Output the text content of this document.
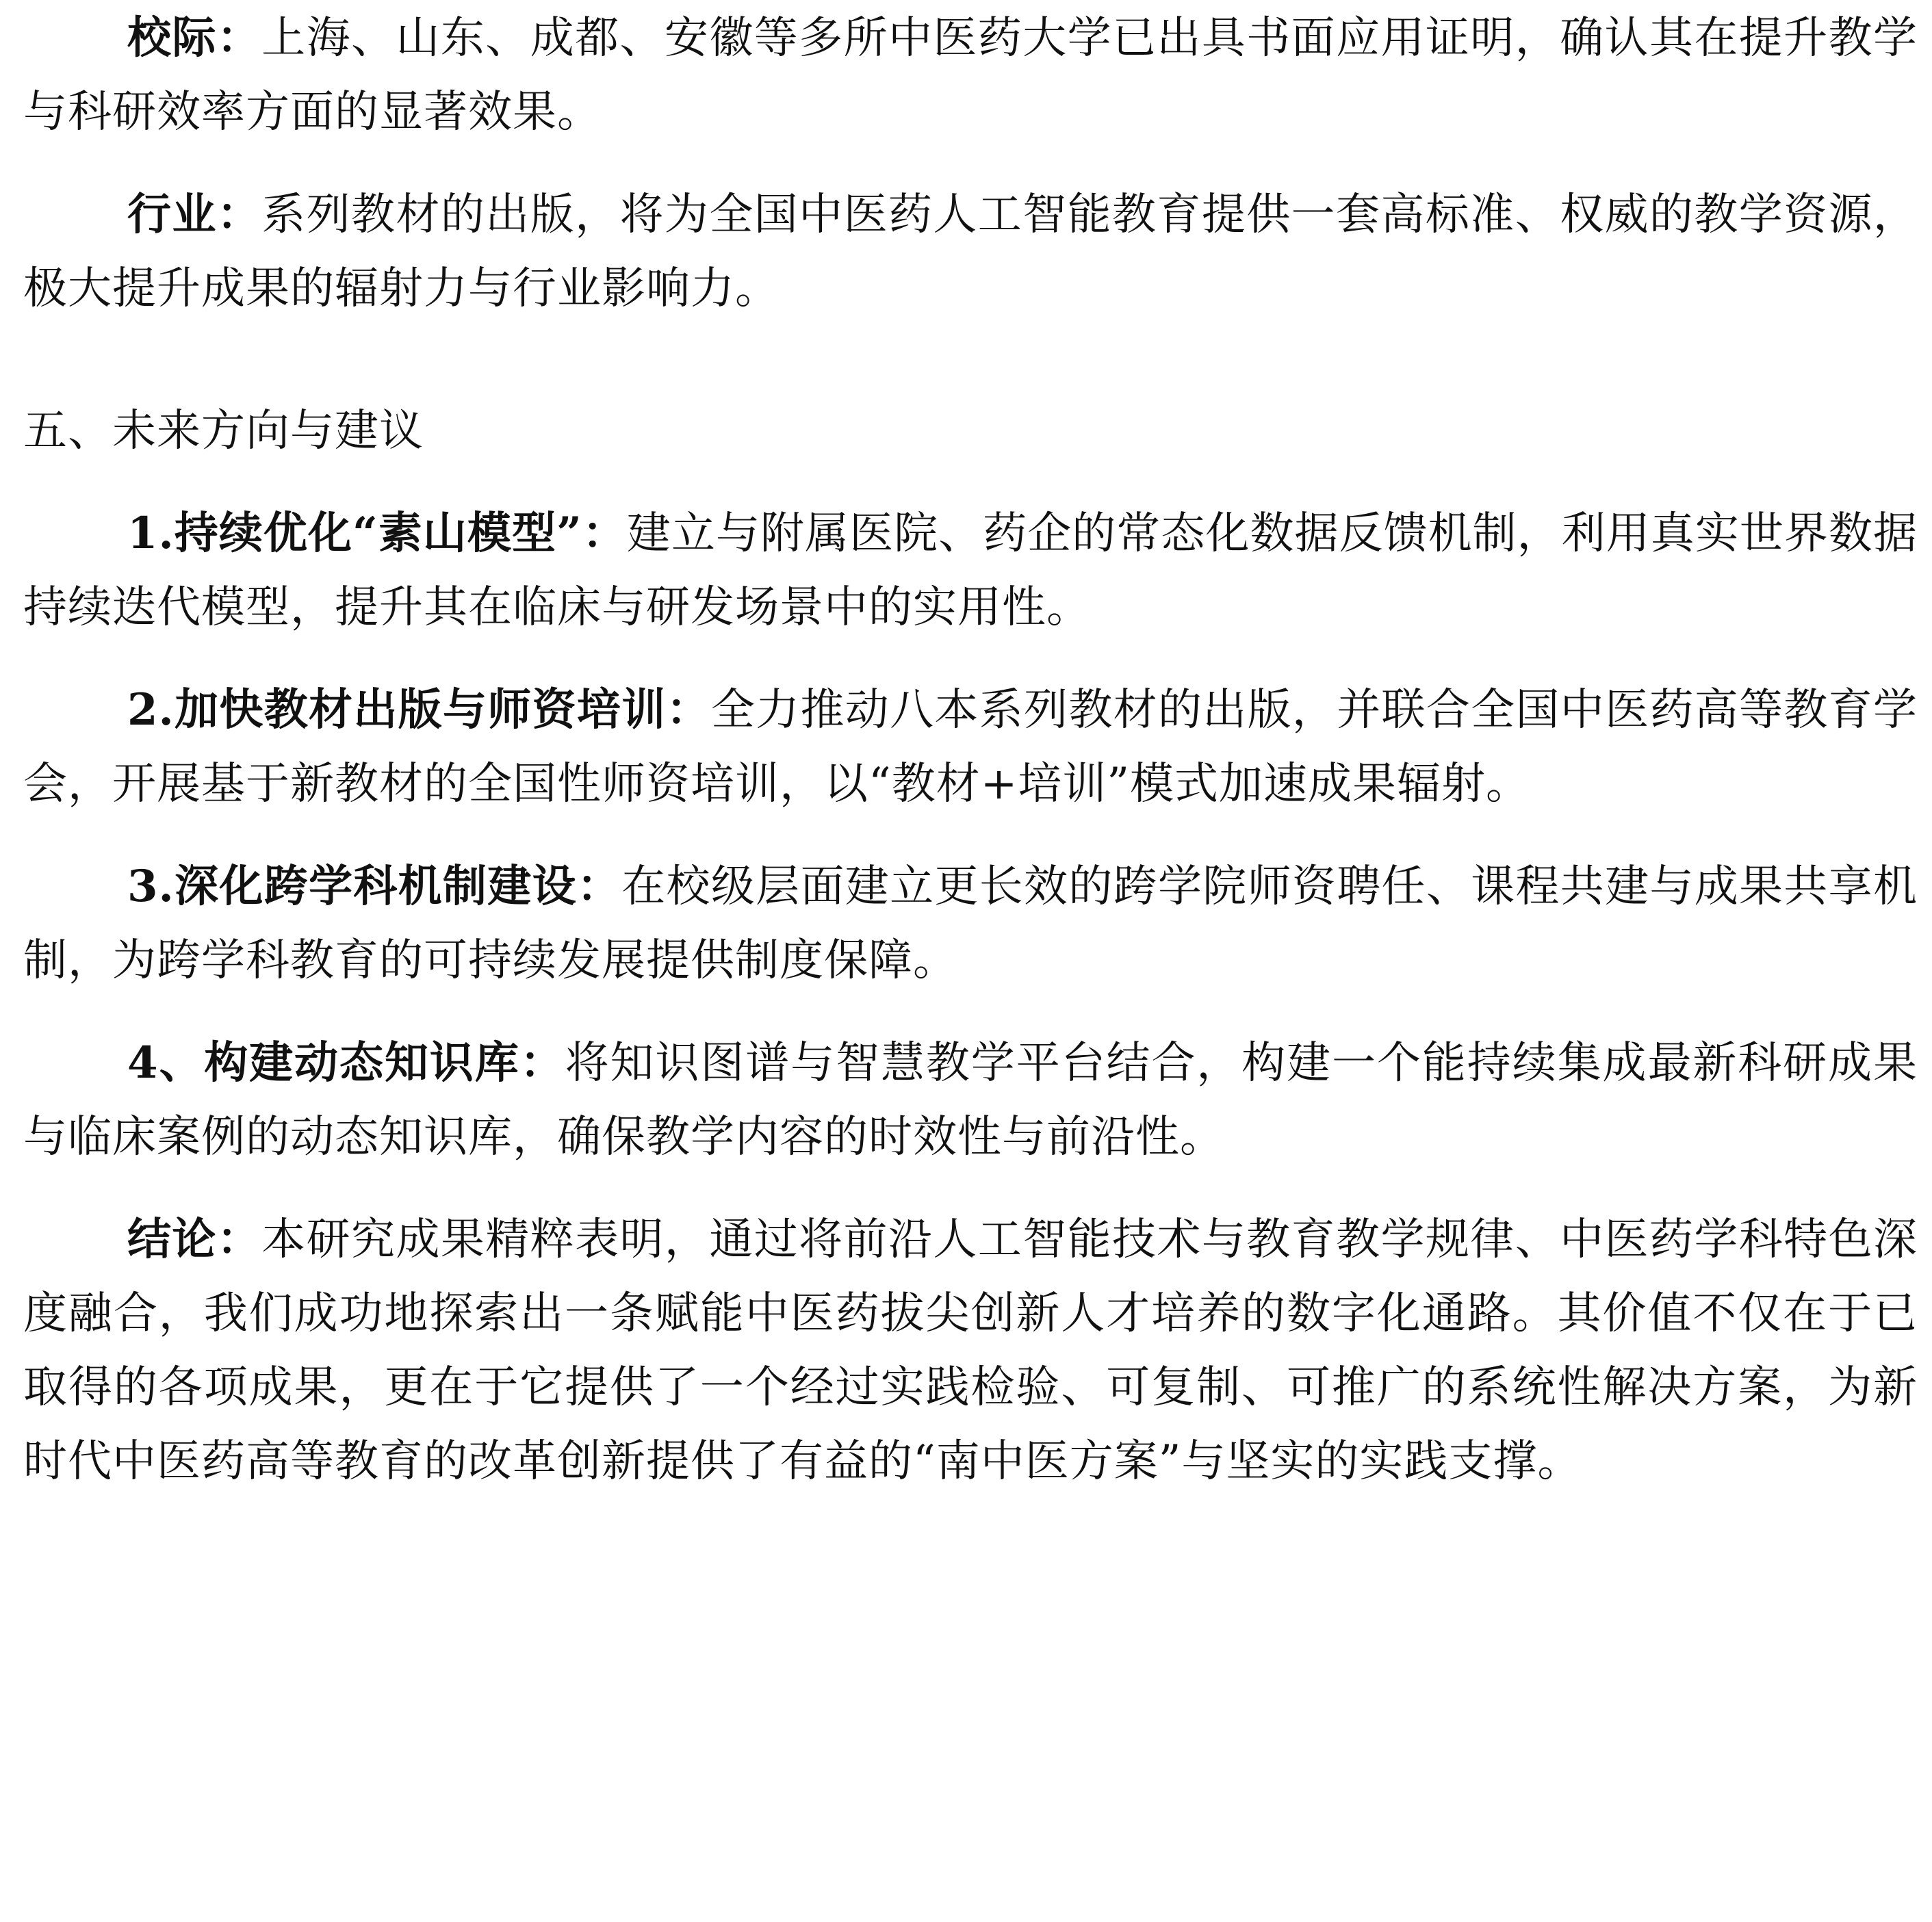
校际：上海、山东、成都、安徽等多所中医药大学已出具书面应用证明，确认其在提升教学与科研效率方面的显著效果。

行业：系列教材的出版，将为全国中医药人工智能教育提供一套高标准、权威的教学资源，极大提升成果的辐射力与行业影响力。

五、未来方向与建议

1.持续优化“素山模型”：建立与附属医院、药企的常态化数据反馈机制，利用真实世界数据持续迭代模型，提升其在临床与研发场景中的实用性。

2.加快教材出版与师资培训：全力推动八本系列教材的出版，并联合全国中医药高等教育学会，开展基于新教材的全国性师资培训，以“教材+培训”模式加速成果辐射。

3.深化跨学科机制建设：在校级层面建立更长效的跨学院师资聘任、课程共建与成果共享机制，为跨学科教育的可持续发展提供制度保障。

4、构建动态知识库：将知识图谱与智慧教学平台结合，构建一个能持续集成最新科研成果与临床案例的动态知识库，确保教学内容的时效性与前沿性。

结论：本研究成果精粹表明，通过将前沿人工智能技术与教育教学规律、中医药学科特色深度融合，我们成功地探索出一条赋能中医药拔尖创新人才培养的数字化通路。其价值不仅在于已取得的各项成果，更在于它提供了一个经过实践检验、可复制、可推广的系统性解决方案，为新时代中医药高等教育的改革创新提供了有益的“南中医方案”与坚实的实践支撑。
